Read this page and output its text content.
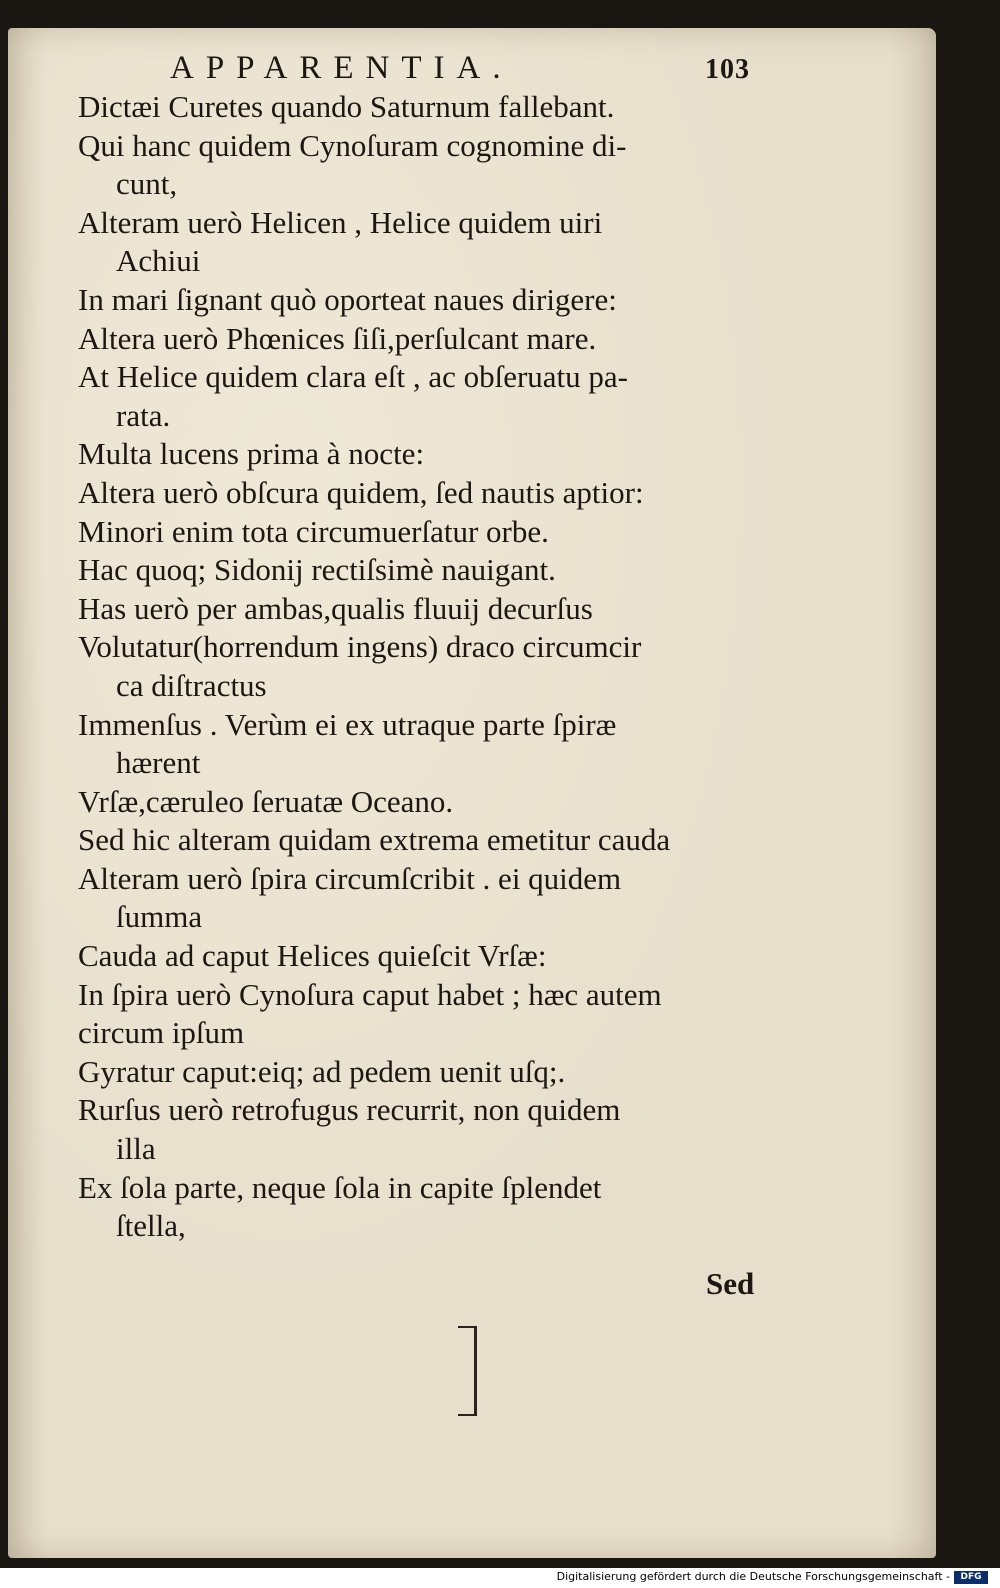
APPARENTIA.	103
Dictæi Curetes quando Saturnum fallebant.
Qui hanc quidem Cynoſuram cognomine di-
cunt,
Alteram uerò Helicen , Helice quidem uiri
Achiui
In mari ſignant quò oporteat naues dirigere:
Altera uerò Phœnices ſiſi,perſulcant mare.
At Helice quidem clara eſt , ac obſeruatu pa-
rata.
Multa lucens prima à nocte:
Altera uerò obſcura quidem, ſed nautis aptior:
Minori enim tota circumuerſatur orbe.
Hac quoq; Sidonij rectiſsimè nauigant.
Has uerò per ambas,qualis fluuij decurſus
Volutatur(horrendum ingens) draco circumcir
ca diſtractus
Immenſus . Verùm ei ex utraque parte ſpiræ
hærent
Vrſæ,cæruleo ſeruatæ Oceano.
Sed hic alteram quidam extrema emetitur cauda
Alteram uerò ſpira circumſcribit . ei quidem
ſumma
Cauda ad caput Helices quieſcit Vrſæ:
In ſpira uerò Cynoſura caput habet ; hæc autem
circum ipſum
Gyratur caput:eiq; ad pedem uenit uſq;.
Rurſus uerò retrofugus recurrit, non quidem
illa
Ex ſola parte, neque ſola in capite ſplendet
ſtella,
Sed
Digitalisierung gefördert durch die Deutsche Forschungsgemeinschaft -	DFG
